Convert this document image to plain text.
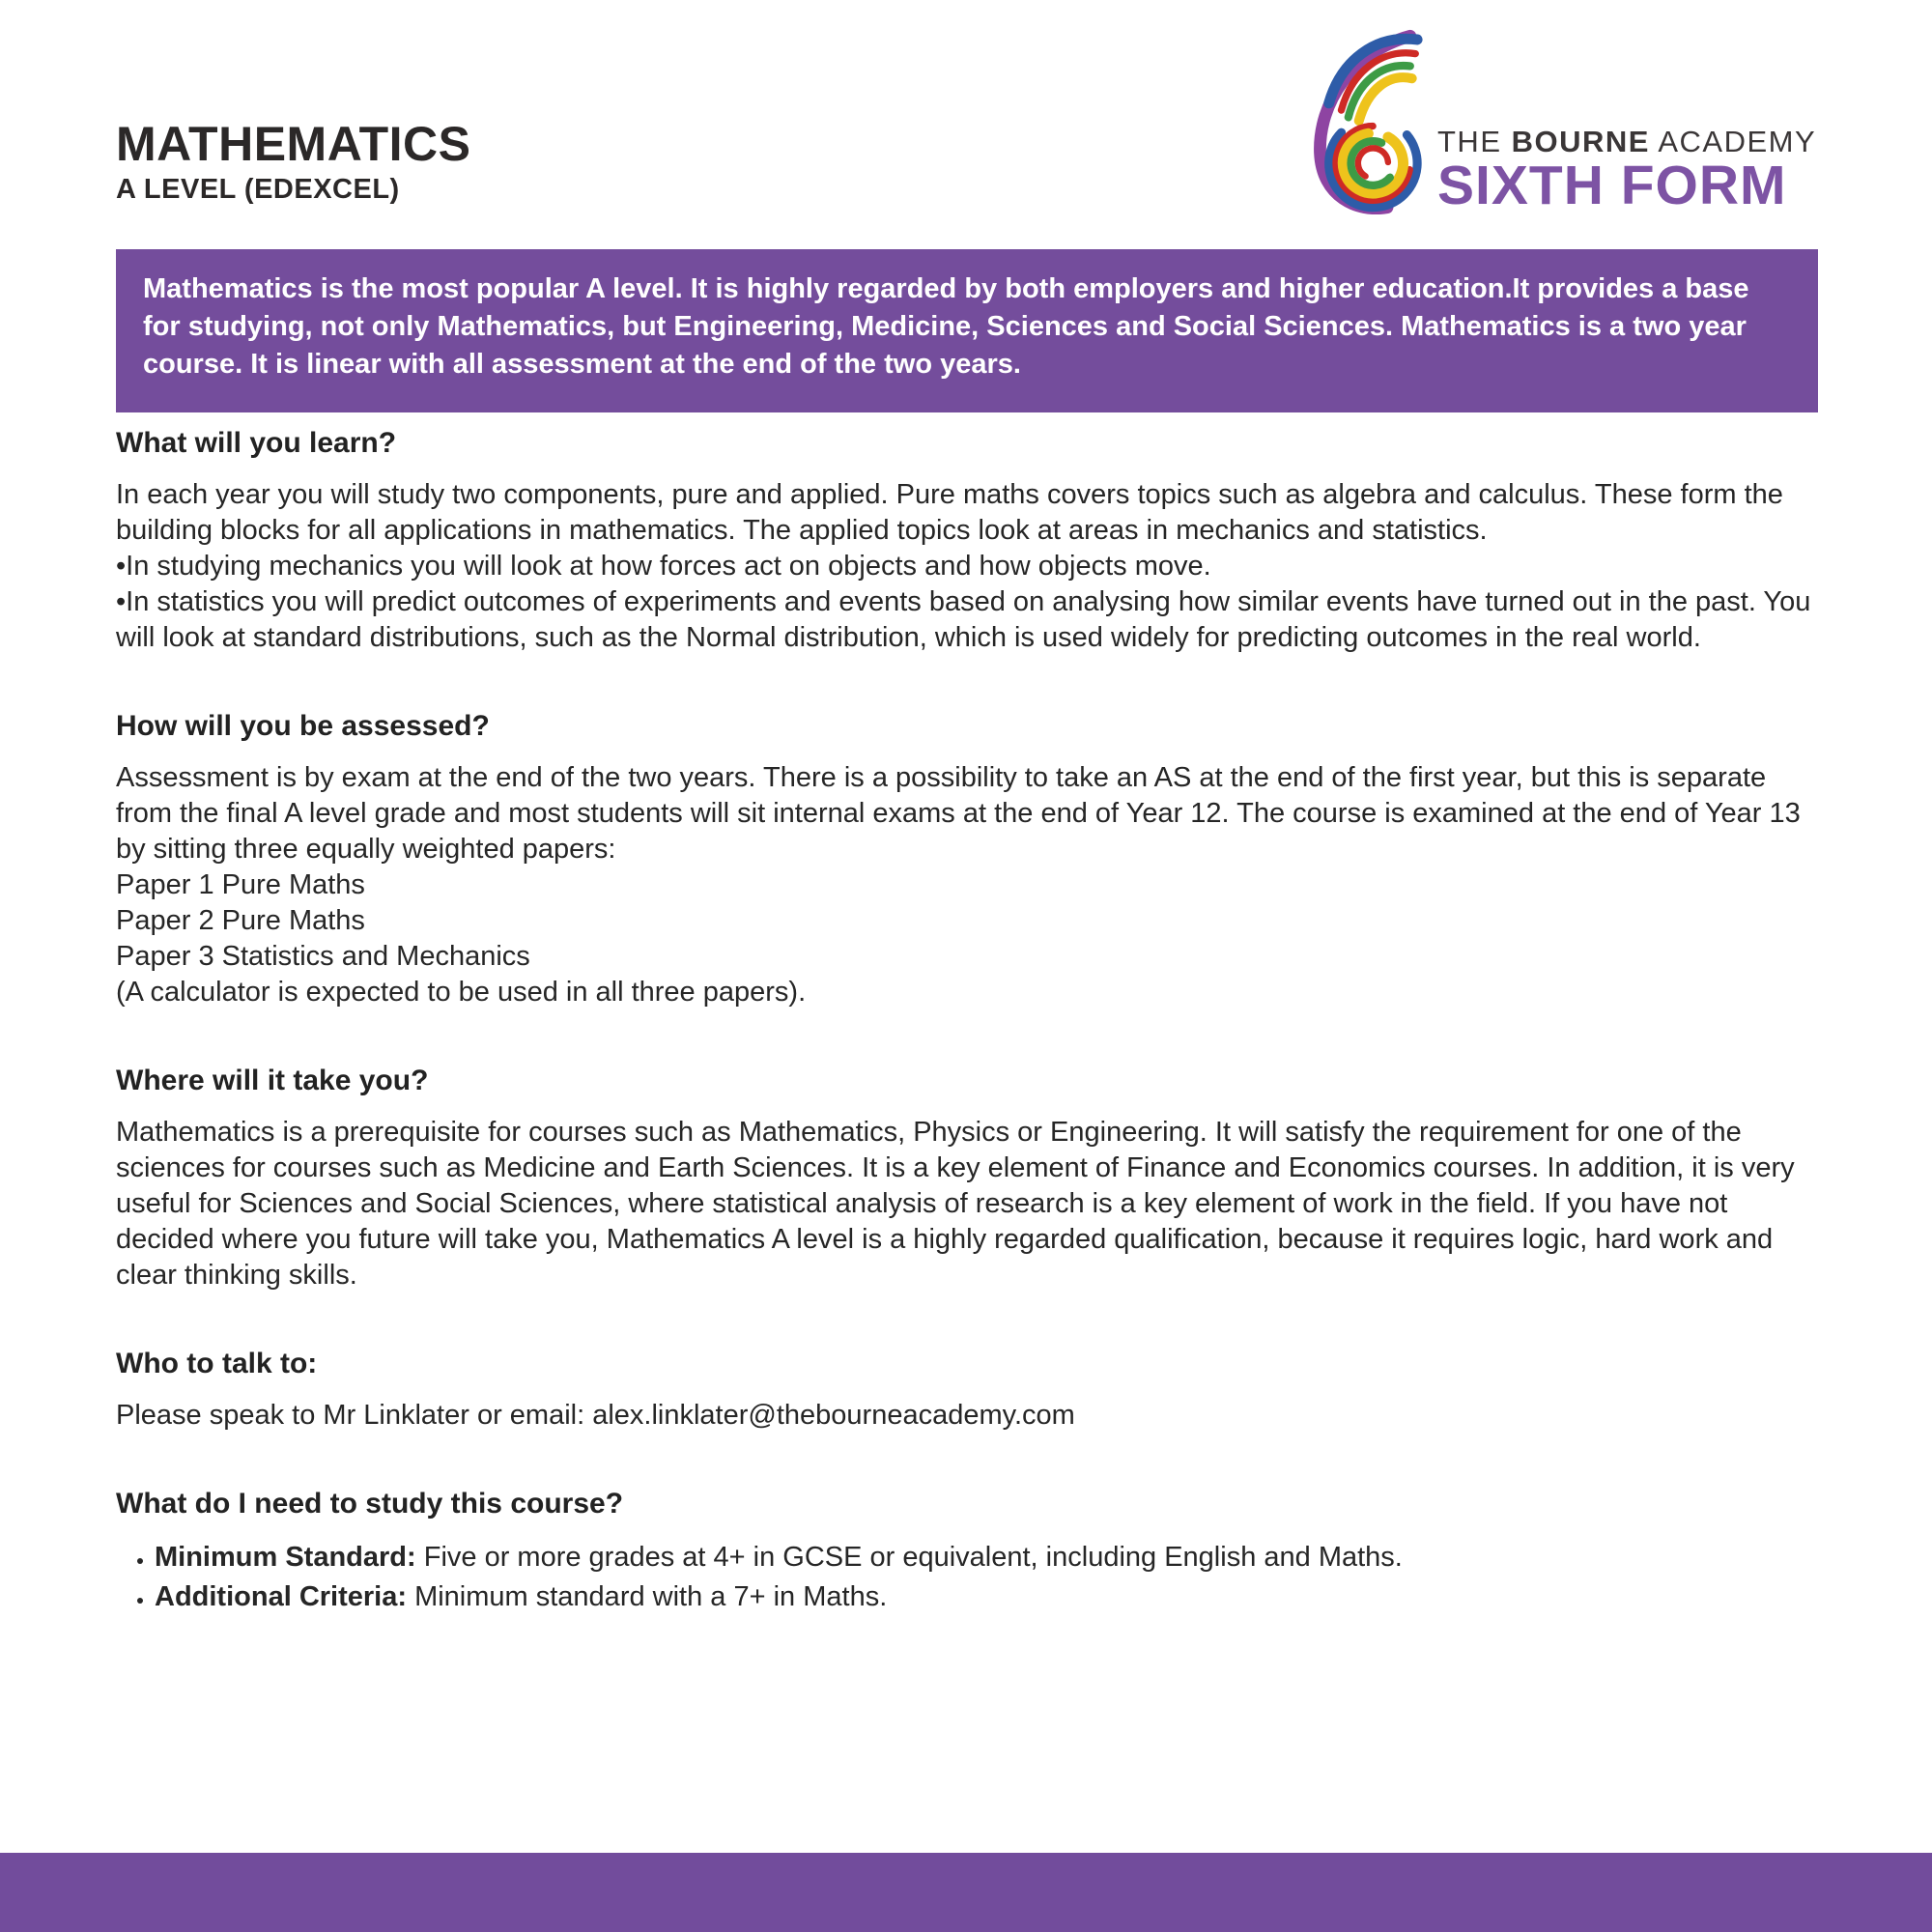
MATHEMATICS
A LEVEL (EDEXCEL)
THE BOURNE ACADEMY
SIXTH FORM

Mathematics is the most popular A level. It is highly regarded by both employers and higher education.It provides a base for studying, not only Mathematics, but Engineering, Medicine, Sciences and Social Sciences. Mathematics is a two year course. It is linear with all assessment at the end of the two years.

What will you learn?

In each year you will study two components, pure and applied. Pure maths covers topics such as algebra and calculus. These form the building blocks for all applications in mathematics. The applied topics look at areas in mechanics and statistics.

•In studying mechanics you will look at how forces act on objects and how objects move.

•In statistics you will predict outcomes of experiments and events based on analysing how similar events have turned out in the past. You will look at standard distributions, such as the Normal distribution, which is used widely for predicting outcomes in the real world.

How will you be assessed?

Assessment is by exam at the end of the two years. There is a possibility to take an AS at the end of the first year, but this is separate from the final A level grade and most students will sit internal exams at the end of Year 12. The course is examined at the end of Year 13 by sitting three equally weighted papers:

Paper 1 Pure Maths

Paper 2 Pure Maths

Paper 3 Statistics and Mechanics

(A calculator is expected to be used in all three papers).

Where will it take you?

Mathematics is a prerequisite for courses such as Mathematics, Physics or Engineering. It will satisfy the requirement for one of the sciences for courses such as Medicine and Earth Sciences. It is a key element of Finance and Economics courses. In addition, it is very useful for Sciences and Social Sciences, where statistical analysis of research is a key element of work in the field. If you have not decided where you future will take you, Mathematics A level is a highly regarded qualification, because it requires logic, hard work and clear thinking skills.

Who to talk to:

Please speak to Mr Linklater or email: alex.linklater@thebourneacademy.com

What do I need to study this course?
• Minimum Standard: Five or more grades at 4+ in GCSE or equivalent, including English and Maths.
• Additional Criteria: Minimum standard with a 7+ in Maths.
